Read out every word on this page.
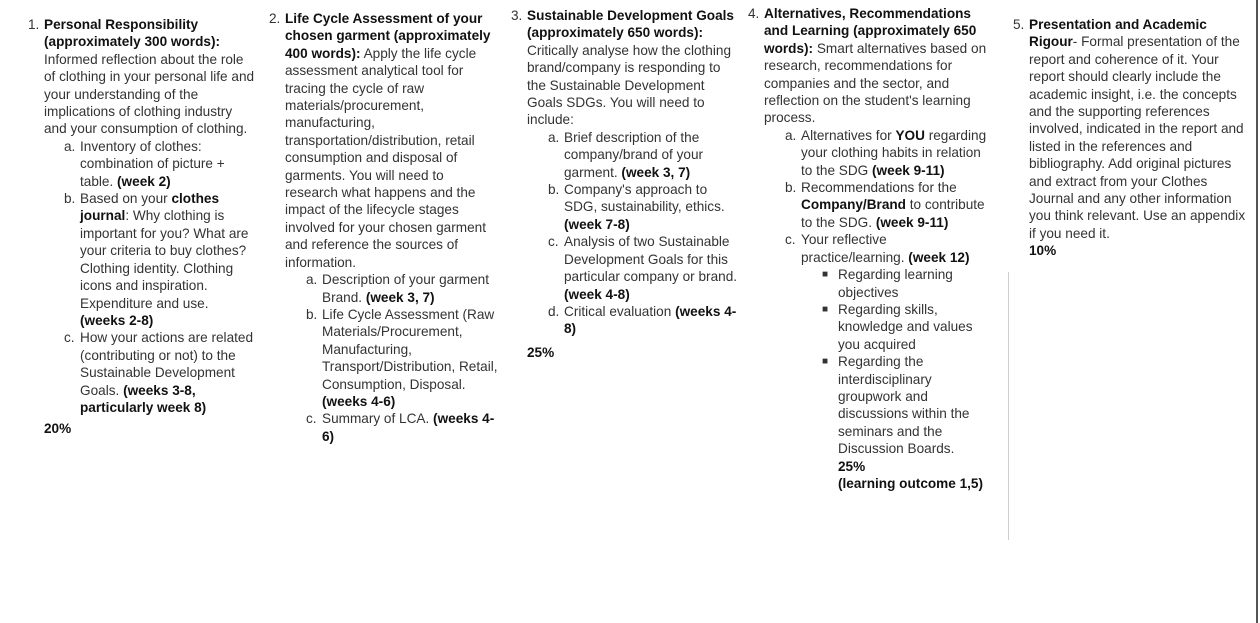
1. Personal Responsibility (approximately 300 words): Informed reflection about the role of clothing in your personal life and your understanding of the implications of clothing industry and your consumption of clothing.
a. Inventory of clothes: combination of picture + table. (week 2)
b. Based on your clothes journal: Why clothing is important for you? What are your criteria to buy clothes? Clothing identity. Clothing icons and inspiration. Expenditure and use. (weeks 2-8)
c. How your actions are related (contributing or not) to the Sustainable Development Goals. (weeks 3-8, particularly week 8)
20%
2. Life Cycle Assessment of your chosen garment (approximately 400 words): Apply the life cycle assessment analytical tool for tracing the cycle of raw materials/procurement, manufacturing, transportation/distribution, retail consumption and disposal of garments. You will need to research what happens and the impact of the lifecycle stages involved for your chosen garment and reference the sources of information.
a. Description of your garment Brand. (week 3, 7)
b. Life Cycle Assessment (Raw Materials/Procurement, Manufacturing, Transport/Distribution, Retail, Consumption, Disposal. (weeks 4-6)
c. Summary of LCA. (weeks 4-6)
3. Sustainable Development Goals (approximately 650 words): Critically analyse how the clothing brand/company is responding to the Sustainable Development Goals SDGs. You will need to include:
a. Brief description of the company/brand of your garment. (week 3, 7)
b. Company's approach to SDG, sustainability, ethics. (week 7-8)
c. Analysis of two Sustainable Development Goals for this particular company or brand. (week 4-8)
d. Critical evaluation (weeks 4-8)
25%
4. Alternatives, Recommendations and Learning (approximately 650 words): Smart alternatives based on research, recommendations for companies and the sector, and reflection on the student's learning process.
a. Alternatives for YOU regarding your clothing habits in relation to the SDG (week 9-11)
b. Recommendations for the Company/Brand to contribute to the SDG. (week 9-11)
c. Your reflective practice/learning. (week 12)
■ Regarding learning objectives
■ Regarding skills, knowledge and values you acquired
■ Regarding the interdisciplinary groupwork and discussions within the seminars and the Discussion Boards.
25%
(learning outcome 1,5)
5. Presentation and Academic Rigour- Formal presentation of the report and coherence of it. Your report should clearly include the academic insight, i.e. the concepts and the supporting references involved, indicated in the report and listed in the references and bibliography. Add original pictures and extract from your Clothes Journal and any other information you think relevant. Use an appendix if you need it.
10%
